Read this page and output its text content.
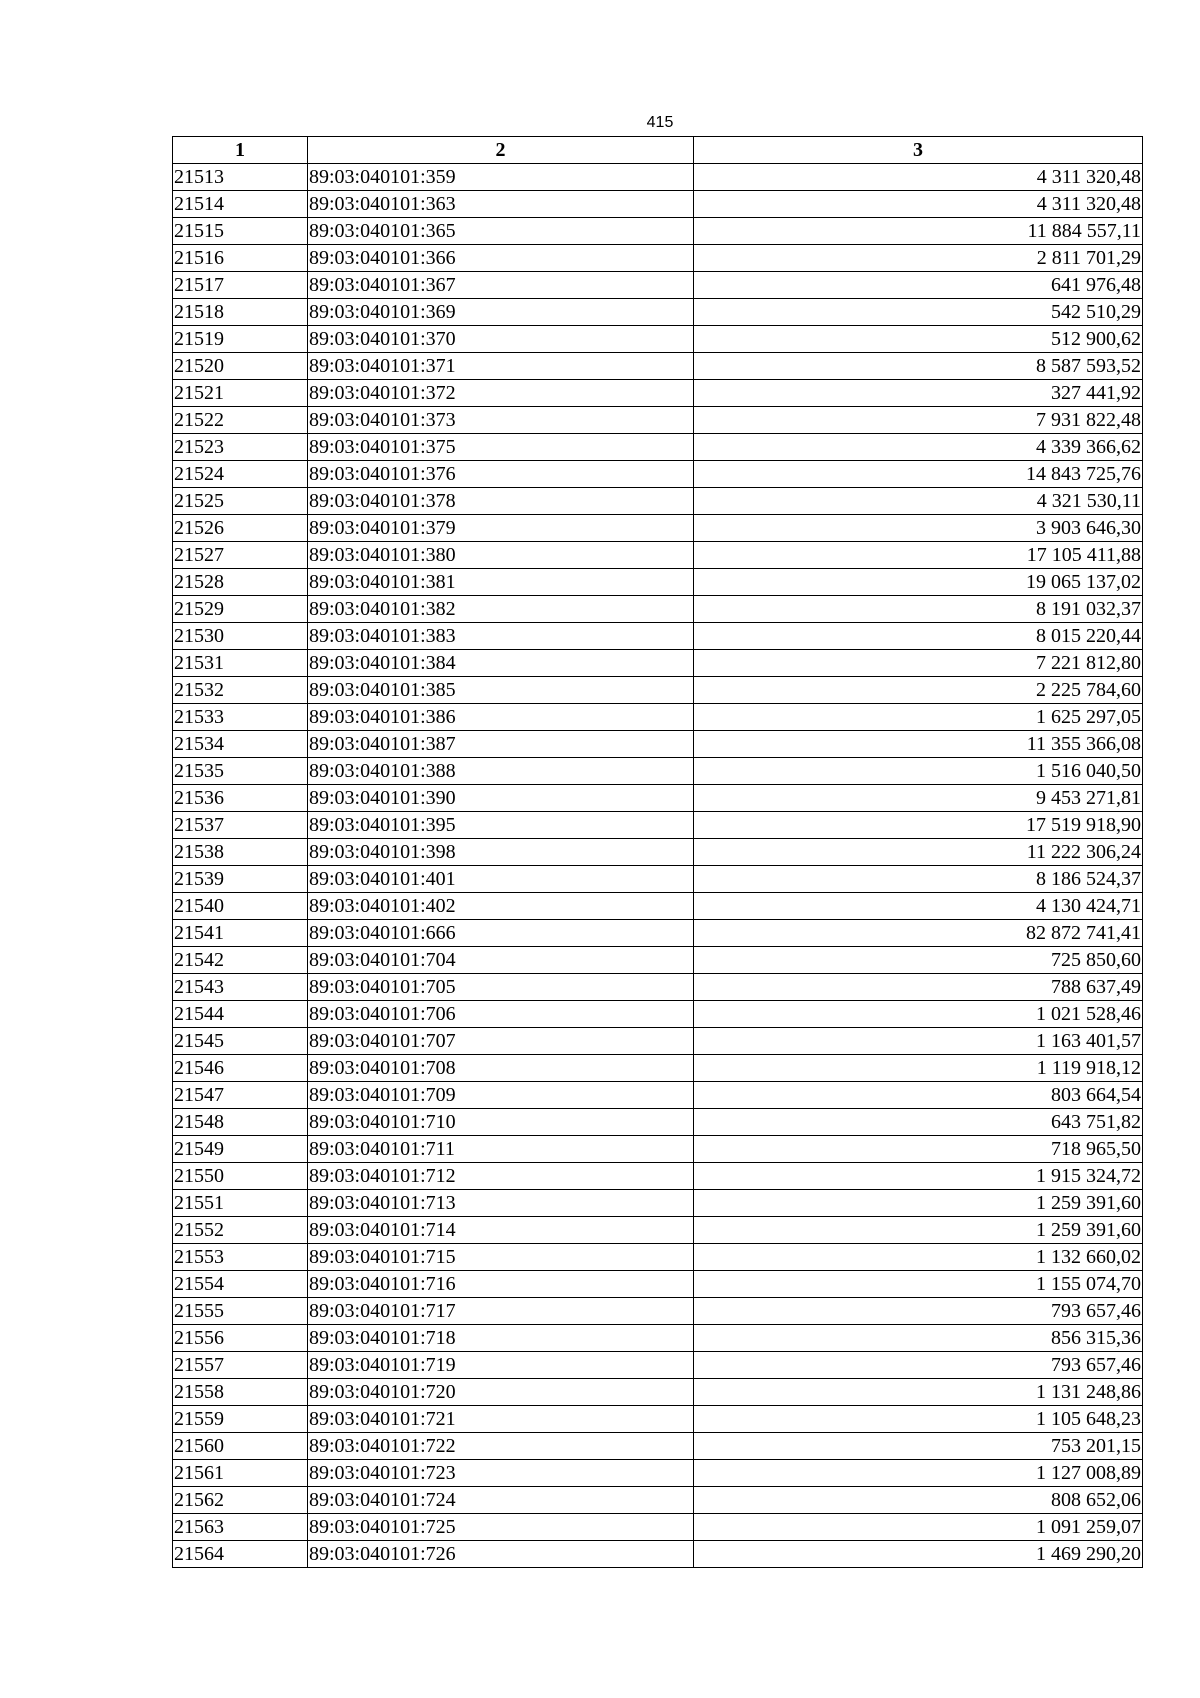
415
1	2	3
21513	89:03:040101:359	4 311 320,48
21514	89:03:040101:363	4 311 320,48
21515	89:03:040101:365	11 884 557,11
21516	89:03:040101:366	2 811 701,29
21517	89:03:040101:367	641 976,48
21518	89:03:040101:369	542 510,29
21519	89:03:040101:370	512 900,62
21520	89:03:040101:371	8 587 593,52
21521	89:03:040101:372	327 441,92
21522	89:03:040101:373	7 931 822,48
21523	89:03:040101:375	4 339 366,62
21524	89:03:040101:376	14 843 725,76
21525	89:03:040101:378	4 321 530,11
21526	89:03:040101:379	3 903 646,30
21527	89:03:040101:380	17 105 411,88
21528	89:03:040101:381	19 065 137,02
21529	89:03:040101:382	8 191 032,37
21530	89:03:040101:383	8 015 220,44
21531	89:03:040101:384	7 221 812,80
21532	89:03:040101:385	2 225 784,60
21533	89:03:040101:386	1 625 297,05
21534	89:03:040101:387	11 355 366,08
21535	89:03:040101:388	1 516 040,50
21536	89:03:040101:390	9 453 271,81
21537	89:03:040101:395	17 519 918,90
21538	89:03:040101:398	11 222 306,24
21539	89:03:040101:401	8 186 524,37
21540	89:03:040101:402	4 130 424,71
21541	89:03:040101:666	82 872 741,41
21542	89:03:040101:704	725 850,60
21543	89:03:040101:705	788 637,49
21544	89:03:040101:706	1 021 528,46
21545	89:03:040101:707	1 163 401,57
21546	89:03:040101:708	1 119 918,12
21547	89:03:040101:709	803 664,54
21548	89:03:040101:710	643 751,82
21549	89:03:040101:711	718 965,50
21550	89:03:040101:712	1 915 324,72
21551	89:03:040101:713	1 259 391,60
21552	89:03:040101:714	1 259 391,60
21553	89:03:040101:715	1 132 660,02
21554	89:03:040101:716	1 155 074,70
21555	89:03:040101:717	793 657,46
21556	89:03:040101:718	856 315,36
21557	89:03:040101:719	793 657,46
21558	89:03:040101:720	1 131 248,86
21559	89:03:040101:721	1 105 648,23
21560	89:03:040101:722	753 201,15
21561	89:03:040101:723	1 127 008,89
21562	89:03:040101:724	808 652,06
21563	89:03:040101:725	1 091 259,07
21564	89:03:040101:726	1 469 290,20
